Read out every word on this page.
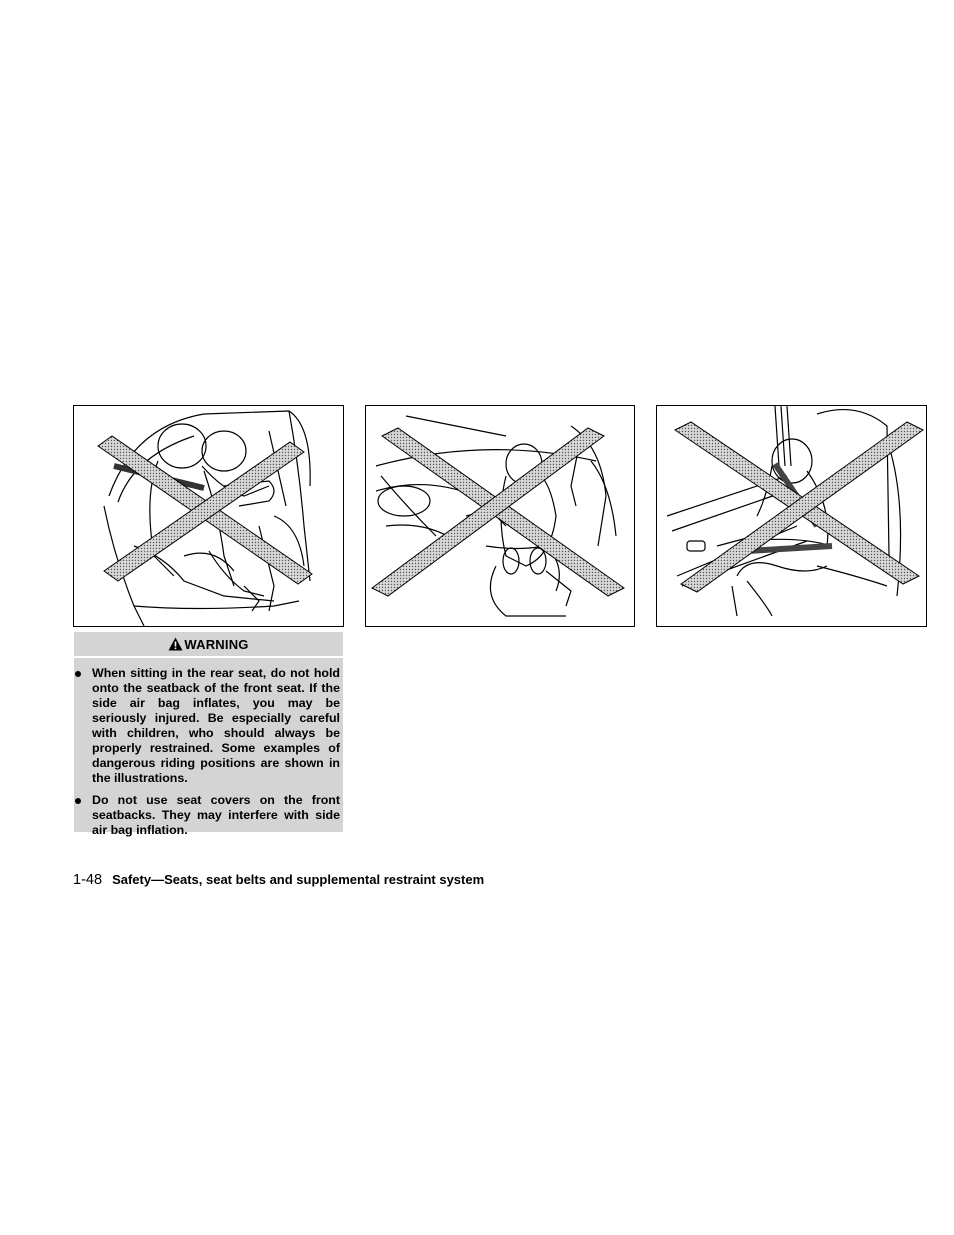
WARNING
When sitting in the rear seat, do not hold onto the seatback of the front seat. If the side air bag inflates, you may be seriously injured. Be especially careful with children, who should always be properly restrained. Some examples of dangerous riding positions are shown in the illustrations.
Do not use seat covers on the front seatbacks. They may interfere with side air bag inflation.
1-48 Safety—Seats, seat belts and supplemental restraint system
